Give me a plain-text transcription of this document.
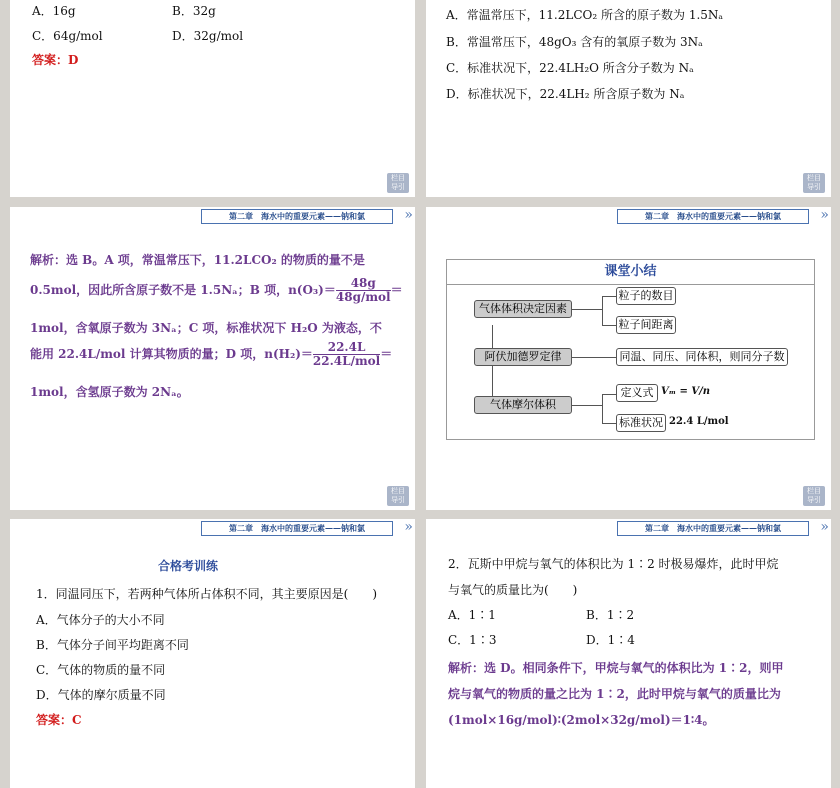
A．16g	B．32g
C．64g/mol	D．32g/mol
答案：D
栏目
导引
A．常温常压下，11.2LCO₂ 所含的原子数为 1.5Nₐ
B．常温常压下，48gO₃ 含有的氧原子数为 3Nₐ
C．标准状况下，22.4LH₂O 所含分子数为 Nₐ
D．标准状况下，22.4LH₂ 所含原子数为 Nₐ
栏目
导引
第二章　海水中的重要元素——钠和氯	»
解析：选 B。A 项，常温常压下，11.2LCO₂ 的物质的量不是
0.5mol，因此所含原子数不是 1.5Nₐ；B 项，$n(O_3)= \frac{48g}{\text{48g/mol}}$ ＝
1mol，含氧原子数为 3Nₐ；C 项，标准状况下 H₂O 为液态，不
能用 22.4L/mol 计算其物质的量；D 项，$n(H_2)= \frac{22.4L}{\text{22.4L/mol}}$ ＝
1mol，含氢原子数为 2Nₐ。
栏目
导引
第二章　海水中的重要元素——钠和氯	»
课堂小结
气体体积决定因素
阿伏加德罗定律
气体摩尔体积
粒子的数目
粒子间距离
同温、同压、同体积，则同分子数
定义式
标准状况
Vₘ = V/n
22.4 L/mol
栏目
导引
第二章　海水中的重要元素——钠和氯	»
合格考训练
1．同温同压下，若两种气体所占体积不同，其主要原因是(　　)
A．气体分子的大小不同
B．气体分子间平均距离不同
C．气体的物质的量不同
D．气体的摩尔质量不同
答案：C
第二章　海水中的重要元素——钠和氯	»
2．瓦斯中甲烷与氧气的体积比为 1∶2 时极易爆炸，此时甲烷
与氧气的质量比为(　　)
A．1∶1	B．1∶2
C．1∶3	D．1∶4
解析：选 D。相同条件下，甲烷与氧气的体积比为 1∶2，则甲
烷与氧气的物质的量之比为 1∶2，此时甲烷与氧气的质量比为
(1mol×16g/mol)∶(2mol×32g/mol)＝1∶4。
